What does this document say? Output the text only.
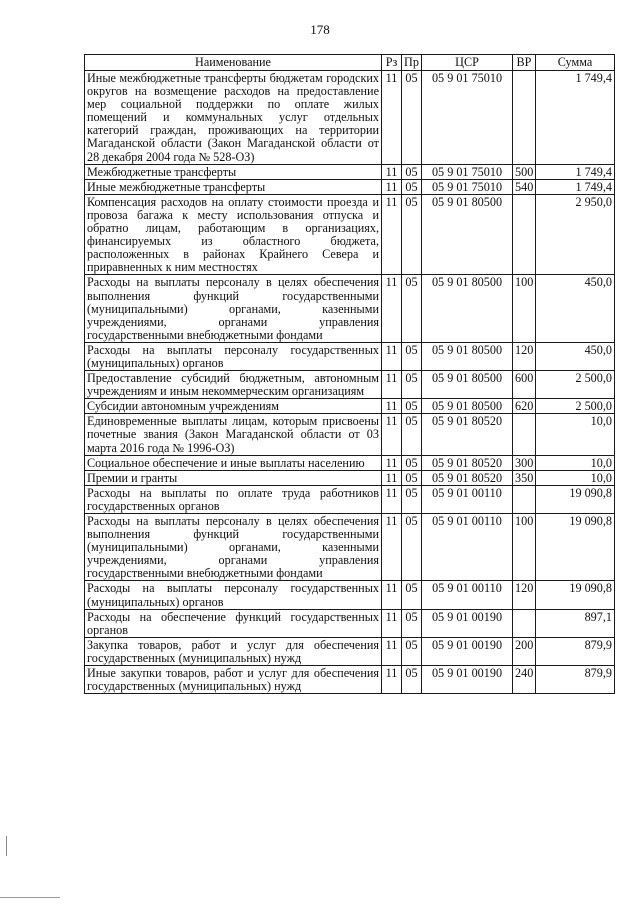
178
Наименование	Рз	Пр	ЦСР	ВР	Сумма
Иные межбюджетные трансферты бюджетам городских округов на возмещение расходов на предоставление мер социальной поддержки по оплате жилых помещений и коммунальных услуг отдельных категорий граждан, проживающих на территории Магаданской области (Закон Магаданской области от 28 декабря 2004 года № 528-ОЗ)	11	05	05 9 01 75010		1 749,4
Межбюджетные трансферты	11	05	05 9 01 75010	500	1 749,4
Иные межбюджетные трансферты	11	05	05 9 01 75010	540	1 749,4
Компенсация расходов на оплату стоимости проезда и провоза багажа к месту использования отпуска и обратно лицам, работающим в организациях, финансируемых из областного бюджета, расположенных в районах Крайнего Севера и приравненных к ним местностях	11	05	05 9 01 80500		2 950,0
Расходы на выплаты персоналу в целях обеспечения выполнения функций государственными (муниципальными) органами, казенными учреждениями, органами управления государственными внебюджетными фондами	11	05	05 9 01 80500	100	450,0
Расходы на выплаты персоналу государственных (муниципальных) органов	11	05	05 9 01 80500	120	450,0
Предоставление субсидий бюджетным, автономным учреждениям и иным некоммерческим организациям	11	05	05 9 01 80500	600	2 500,0
Субсидии автономным учреждениям	11	05	05 9 01 80500	620	2 500,0
Единовременные выплаты лицам, которым присвоены почетные звания (Закон Магаданской области от 03 марта 2016 года № 1996-ОЗ)	11	05	05 9 01 80520		10,0
Социальное обеспечение и иные выплаты населению	11	05	05 9 01 80520	300	10,0
Премии и гранты	11	05	05 9 01 80520	350	10,0
Расходы на выплаты по оплате труда работников государственных органов	11	05	05 9 01 00110		19 090,8
Расходы на выплаты персоналу в целях обеспечения выполнения функций государственными (муниципальными) органами, казенными учреждениями, органами управления государственными внебюджетными фондами	11	05	05 9 01 00110	100	19 090,8
Расходы на выплаты персоналу государственных (муниципальных) органов	11	05	05 9 01 00110	120	19 090,8
Расходы на обеспечение функций государственных органов	11	05	05 9 01 00190		897,1
Закупка товаров, работ и услуг для обеспечения государственных (муниципальных) нужд	11	05	05 9 01 00190	200	879,9
Иные закупки товаров, работ и услуг для обеспечения государственных (муниципальных) нужд	11	05	05 9 01 00190	240	879,9
